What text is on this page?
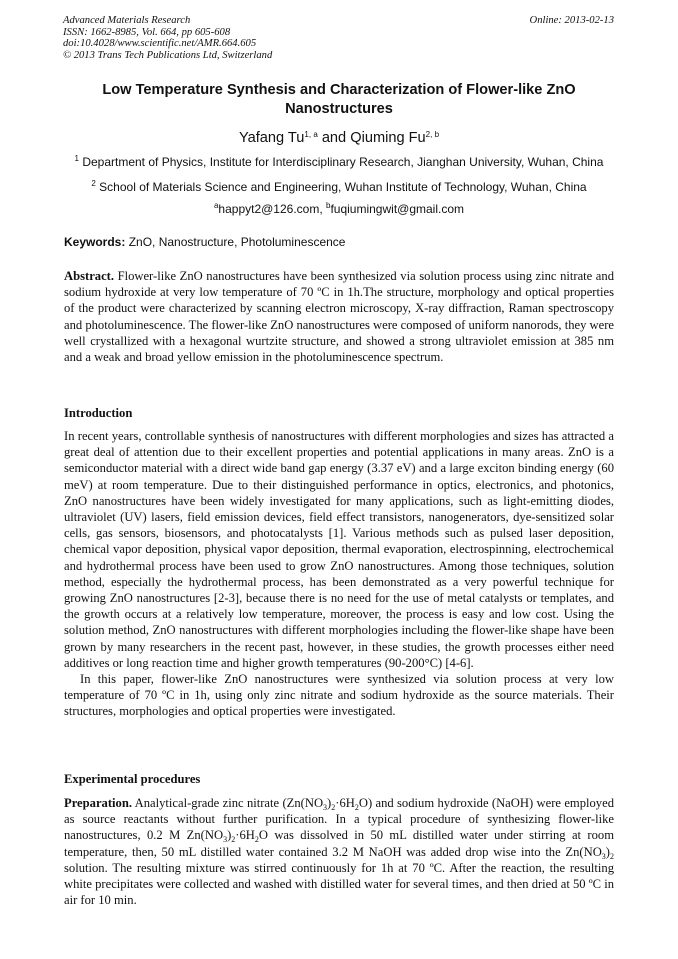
Advanced Materials Research
ISSN: 1662-8985, Vol. 664, pp 605-608
doi:10.4028/www.scientific.net/AMR.664.605
© 2013 Trans Tech Publications Ltd, Switzerland
Online: 2013-02-13
Low Temperature Synthesis and Characterization of Flower-like ZnO Nanostructures
Yafang Tu$^{1, a}$ and Qiuming Fu$^{2, b}$
$^1$ Department of Physics, Institute for Interdisciplinary Research, Jianghan University, Wuhan, China
$^2$ School of Materials Science and Engineering, Wuhan Institute of Technology, Wuhan, China
$^a$happyt2@126.com, $^b$fuqiumingwit@gmail.com
Keywords: ZnO, Nanostructure, Photoluminescence

Abstract. Flower-like ZnO nanostructures have been synthesized via solution process using zinc nitrate and sodium hydroxide at very low temperature of 70 ºC in 1h.The structure, morphology and optical properties of the product were characterized by scanning electron microscopy, X-ray diffraction, Raman spectroscopy and photoluminescence. The flower-like ZnO nanostructures were composed of uniform nanorods, they were well crystallized with a hexagonal wurtzite structure, and showed a strong ultraviolet emission at 385 nm and a weak and broad yellow emission in the photoluminescence spectrum.

Introduction

In recent years, controllable synthesis of nanostructures with different morphologies and sizes has attracted a great deal of attention due to their excellent properties and potential applications in many areas. ZnO is a semiconductor material with a direct wide band gap energy (3.37 eV) and a large exciton binding energy (60 meV) at room temperature. Due to their distinguished performance in optics, electronics, and photonics, ZnO nanostructures have been widely investigated for many applications, such as light-emitting diodes, ultraviolet (UV) lasers, field emission devices, field effect transistors, nanogenerators, dye-sensitized solar cells, gas sensors, biosensors, and photocatalysts [1]. Various methods such as pulsed laser deposition, chemical vapor deposition, physical vapor deposition, thermal evaporation, electrospinning, electrochemical and hydrothermal process have been used to grow ZnO nanostructures. Among those techniques, solution method, especially the hydrothermal process, has been demonstrated as a very powerful technique for growing ZnO nanostructures [2-3], because there is no need for the use of metal catalysts or templates, and the growth occurs at a relatively low temperature, moreover, the process is easy and low cost. Using the solution method, ZnO nanostructures with different morphologies including the flower-like shape have been grown by many researchers in the recent past, however, in these studies, the growth processes either need additives or long reaction time and higher growth temperatures (90-200°C) [4-6].

In this paper, flower-like ZnO nanostructures were synthesized via solution process at very low temperature of 70 ºC in 1h, using only zinc nitrate and sodium hydroxide as the source materials. Their structures, morphologies and optical properties were investigated.

Experimental procedures

Preparation. Analytical-grade zinc nitrate $(Zn(NO_3)_2\cdot 6H_2O)$ and sodium hydroxide (NaOH) were employed as source reactants without further purification. In a typical procedure of synthesizing flower-like nanostructures, 0.2 M $Zn(NO_3)_2\cdot 6H_2O$ was dissolved in 50 mL distilled water under stirring at room temperature, then, 50 mL distilled water contained 3.2 M NaOH was added drop wise into the $Zn(NO_3)_2$ solution. The resulting mixture was stirred continuously for 1h at 70 ºC. After the reaction, the resulting white precipitates were collected and washed with distilled water for several times, and then dried at 50 ºC in air for 10 min.
